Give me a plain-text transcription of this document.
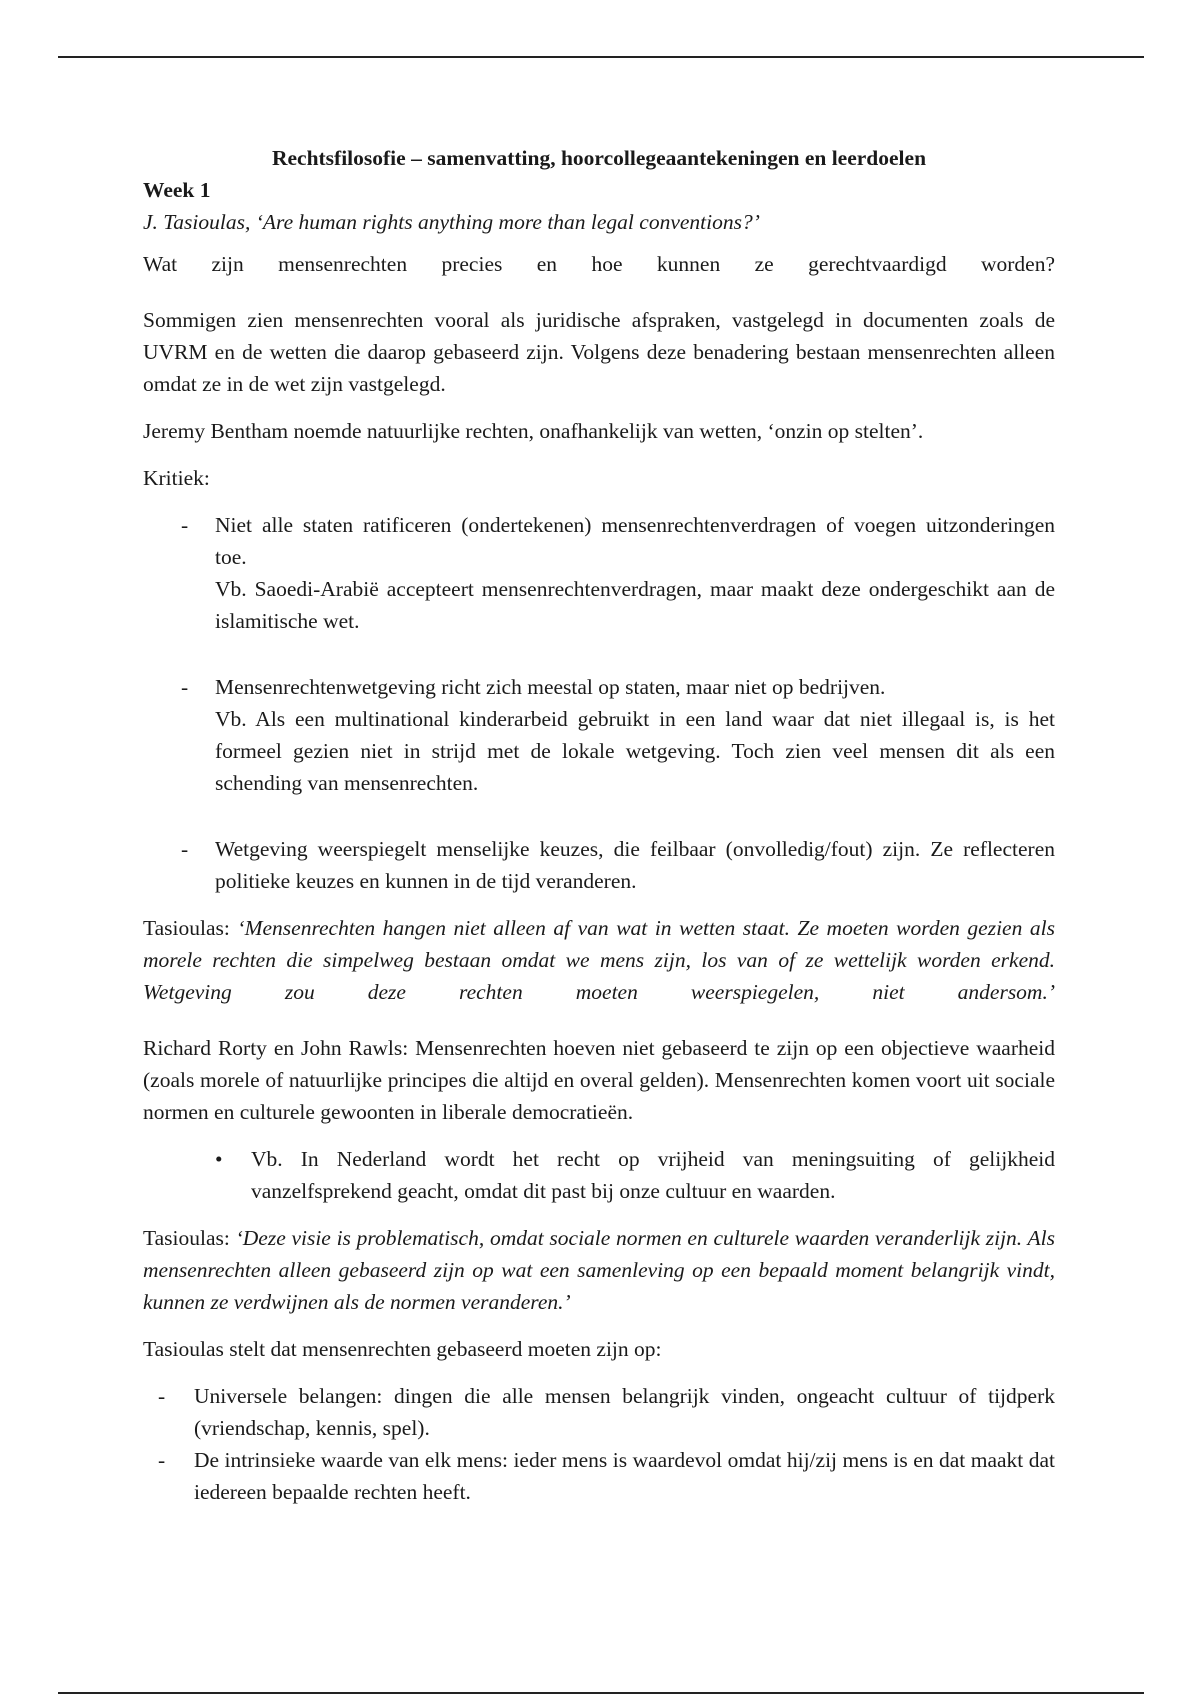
Rechtsfilosofie – samenvatting, hoorcollegeaantekeningen en leerdoelen

Week 1

J. Tasioulas, ‘Are human rights anything more than legal conventions?’

Wat zijn mensenrechten precies en hoe kunnen ze gerechtvaardigd worden?

Sommigen zien mensenrechten vooral als juridische afspraken, vastgelegd in documenten zoals de UVRM en de wetten die daarop gebaseerd zijn. Volgens deze benadering bestaan mensenrechten alleen omdat ze in de wet zijn vastgelegd.

Jeremy Bentham noemde natuurlijke rechten, onafhankelijk van wetten, ‘onzin op stelten’.

Kritiek:

- Niet alle staten ratificeren (ondertekenen) mensenrechtenverdragen of voegen uitzonderingen toe.
Vb. Saoedi-Arabië accepteert mensenrechtenverdragen, maar maakt deze ondergeschikt aan de islamitische wet.
- Mensenrechtenwetgeving richt zich meestal op staten, maar niet op bedrijven.
Vb. Als een multinational kinderarbeid gebruikt in een land waar dat niet illegaal is, is het formeel gezien niet in strijd met de lokale wetgeving. Toch zien veel mensen dit als een schending van mensenrechten.
- Wetgeving weerspiegelt menselijke keuzes, die feilbaar (onvolledig/fout) zijn. Ze reflecteren politieke keuzes en kunnen in de tijd veranderen.

Tasioulas: ‘Mensenrechten hangen niet alleen af van wat in wetten staat. Ze moeten worden gezien als morele rechten die simpelweg bestaan omdat we mens zijn, los van of ze wettelijk worden erkend. Wetgeving zou deze rechten moeten weerspiegelen, niet andersom.’

Richard Rorty en John Rawls: Mensenrechten hoeven niet gebaseerd te zijn op een objectieve waarheid (zoals morele of natuurlijke principes die altijd en overal gelden). Mensenrechten komen voort uit sociale normen en culturele gewoonten in liberale democratieën.

• Vb. In Nederland wordt het recht op vrijheid van meningsuiting of gelijkheid vanzelfsprekend geacht, omdat dit past bij onze cultuur en waarden.

Tasioulas: ‘Deze visie is problematisch, omdat sociale normen en culturele waarden veranderlijk zijn. Als mensenrechten alleen gebaseerd zijn op wat een samenleving op een bepaald moment belangrijk vindt, kunnen ze verdwijnen als de normen veranderen.’

Tasioulas stelt dat mensenrechten gebaseerd moeten zijn op:

- Universele belangen: dingen die alle mensen belangrijk vinden, ongeacht cultuur of tijdperk (vriendschap, kennis, spel).
- De intrinsieke waarde van elk mens: ieder mens is waardevol omdat hij/zij mens is en dat maakt dat iedereen bepaalde rechten heeft.
